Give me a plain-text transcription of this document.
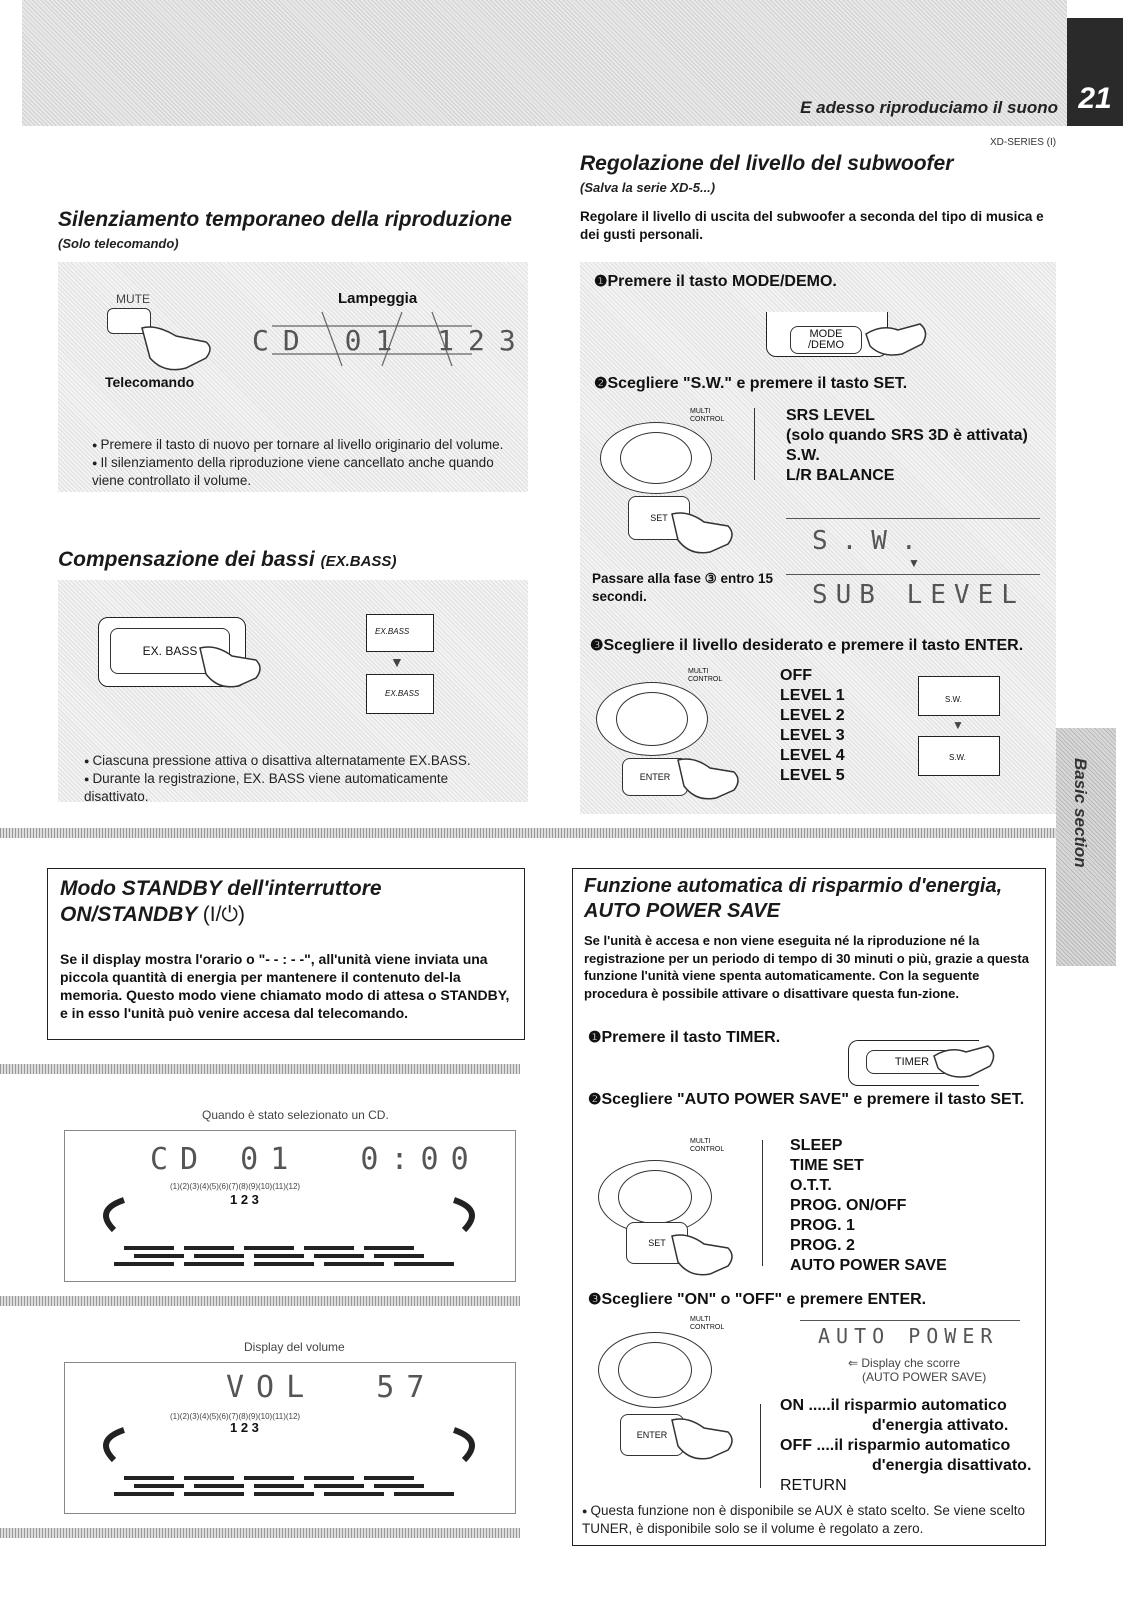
E adesso riproduciamo il suono 21
XD-SERIES (I)
Basic section
Silenziamento temporaneo della riproduzione
(Solo telecomando)
MUTE	Lampeggia
CD 01 123
Telecomando
● Premere il tasto di nuovo per tornare al livello originario del volume.
● Il silenziamento della riproduzione viene cancellato anche quando viene controllato il volume.
Compensazione dei bassi (EX.BASS)
EX. BASS
EX.BASS
▼
EX.BASS
● Ciascuna pressione attiva o disattiva alternatamente EX.BASS.
● Durante la registrazione, EX. BASS viene automaticamente disattivato.
Regolazione del livello del subwoofer
(Salva la serie XD-5...)
Regolare il livello di uscita del subwoofer a seconda del tipo di musica e dei gusti personali.
❶Premere il tasto MODE/DEMO.
MODE /DEMO
❷Scegliere "S.W." e premere il tasto SET.
MULTI CONTROL	SRS LEVEL
(solo quando SRS 3D è attivata)
S.W.
L/R BALANCE
SET
S.W.
▼
SUB LEVEL
Passare alla fase ③ entro 15 secondi.
❸Scegliere il livello desiderato e premere il tasto ENTER.
MULTI CONTROL	OFF
LEVEL 1
LEVEL 2
LEVEL 3
LEVEL 4
LEVEL 5
ENTER
S.W.
▼
S.W.
Modo STANDBY dell'interruttore ON/STANDBY (I/⏻)
Se il display mostra l'orario o "- - : - -", all'unità viene inviata una piccola quantità di energia per mantenere il contenuto del-la memoria. Questo modo viene chiamato modo di attesa o STANDBY, e in esso l'unità può venire accesa dal telecomando.
Quando è stato selezionato un CD.
CD 01  0:00
(1)(2)(3)(4)(5)(6)(7)(8)(9)(10)(11)(12)
1 2 3
Display del volume
VOL  57
(1)(2)(3)(4)(5)(6)(7)(8)(9)(10)(11)(12)
1 2 3
Funzione automatica di risparmio d'energia, AUTO POWER SAVE
Se l'unità è accesa e non viene eseguita né la riproduzione né la registrazione per un periodo di tempo di 30 minuti o più, grazie a questa funzione l'unità viene spenta automaticamente. Con la seguente procedura è possibile attivare o disattivare questa fun-zione.
❶Premere il tasto TIMER.
TIMER
❷Scegliere "AUTO POWER SAVE" e premere il tasto SET.
MULTI CONTROL	SLEEP
TIME SET
O.T.T.
PROG. ON/OFF
PROG. 1
PROG. 2
AUTO POWER SAVE
SET
❸Scegliere "ON" o "OFF" e premere ENTER.
AUTO POWER
⇐ Display che scorre
(AUTO POWER SAVE)
MULTI CONTROL
ENTER
ON .....il risparmio automatico
d'energia attivato.
OFF ....il risparmio automatico
d'energia disattivato.
RETURN
● Questa funzione non è disponibile se AUX è stato scelto. Se viene scelto TUNER, è disponibile solo se il volume è regolato a zero.
